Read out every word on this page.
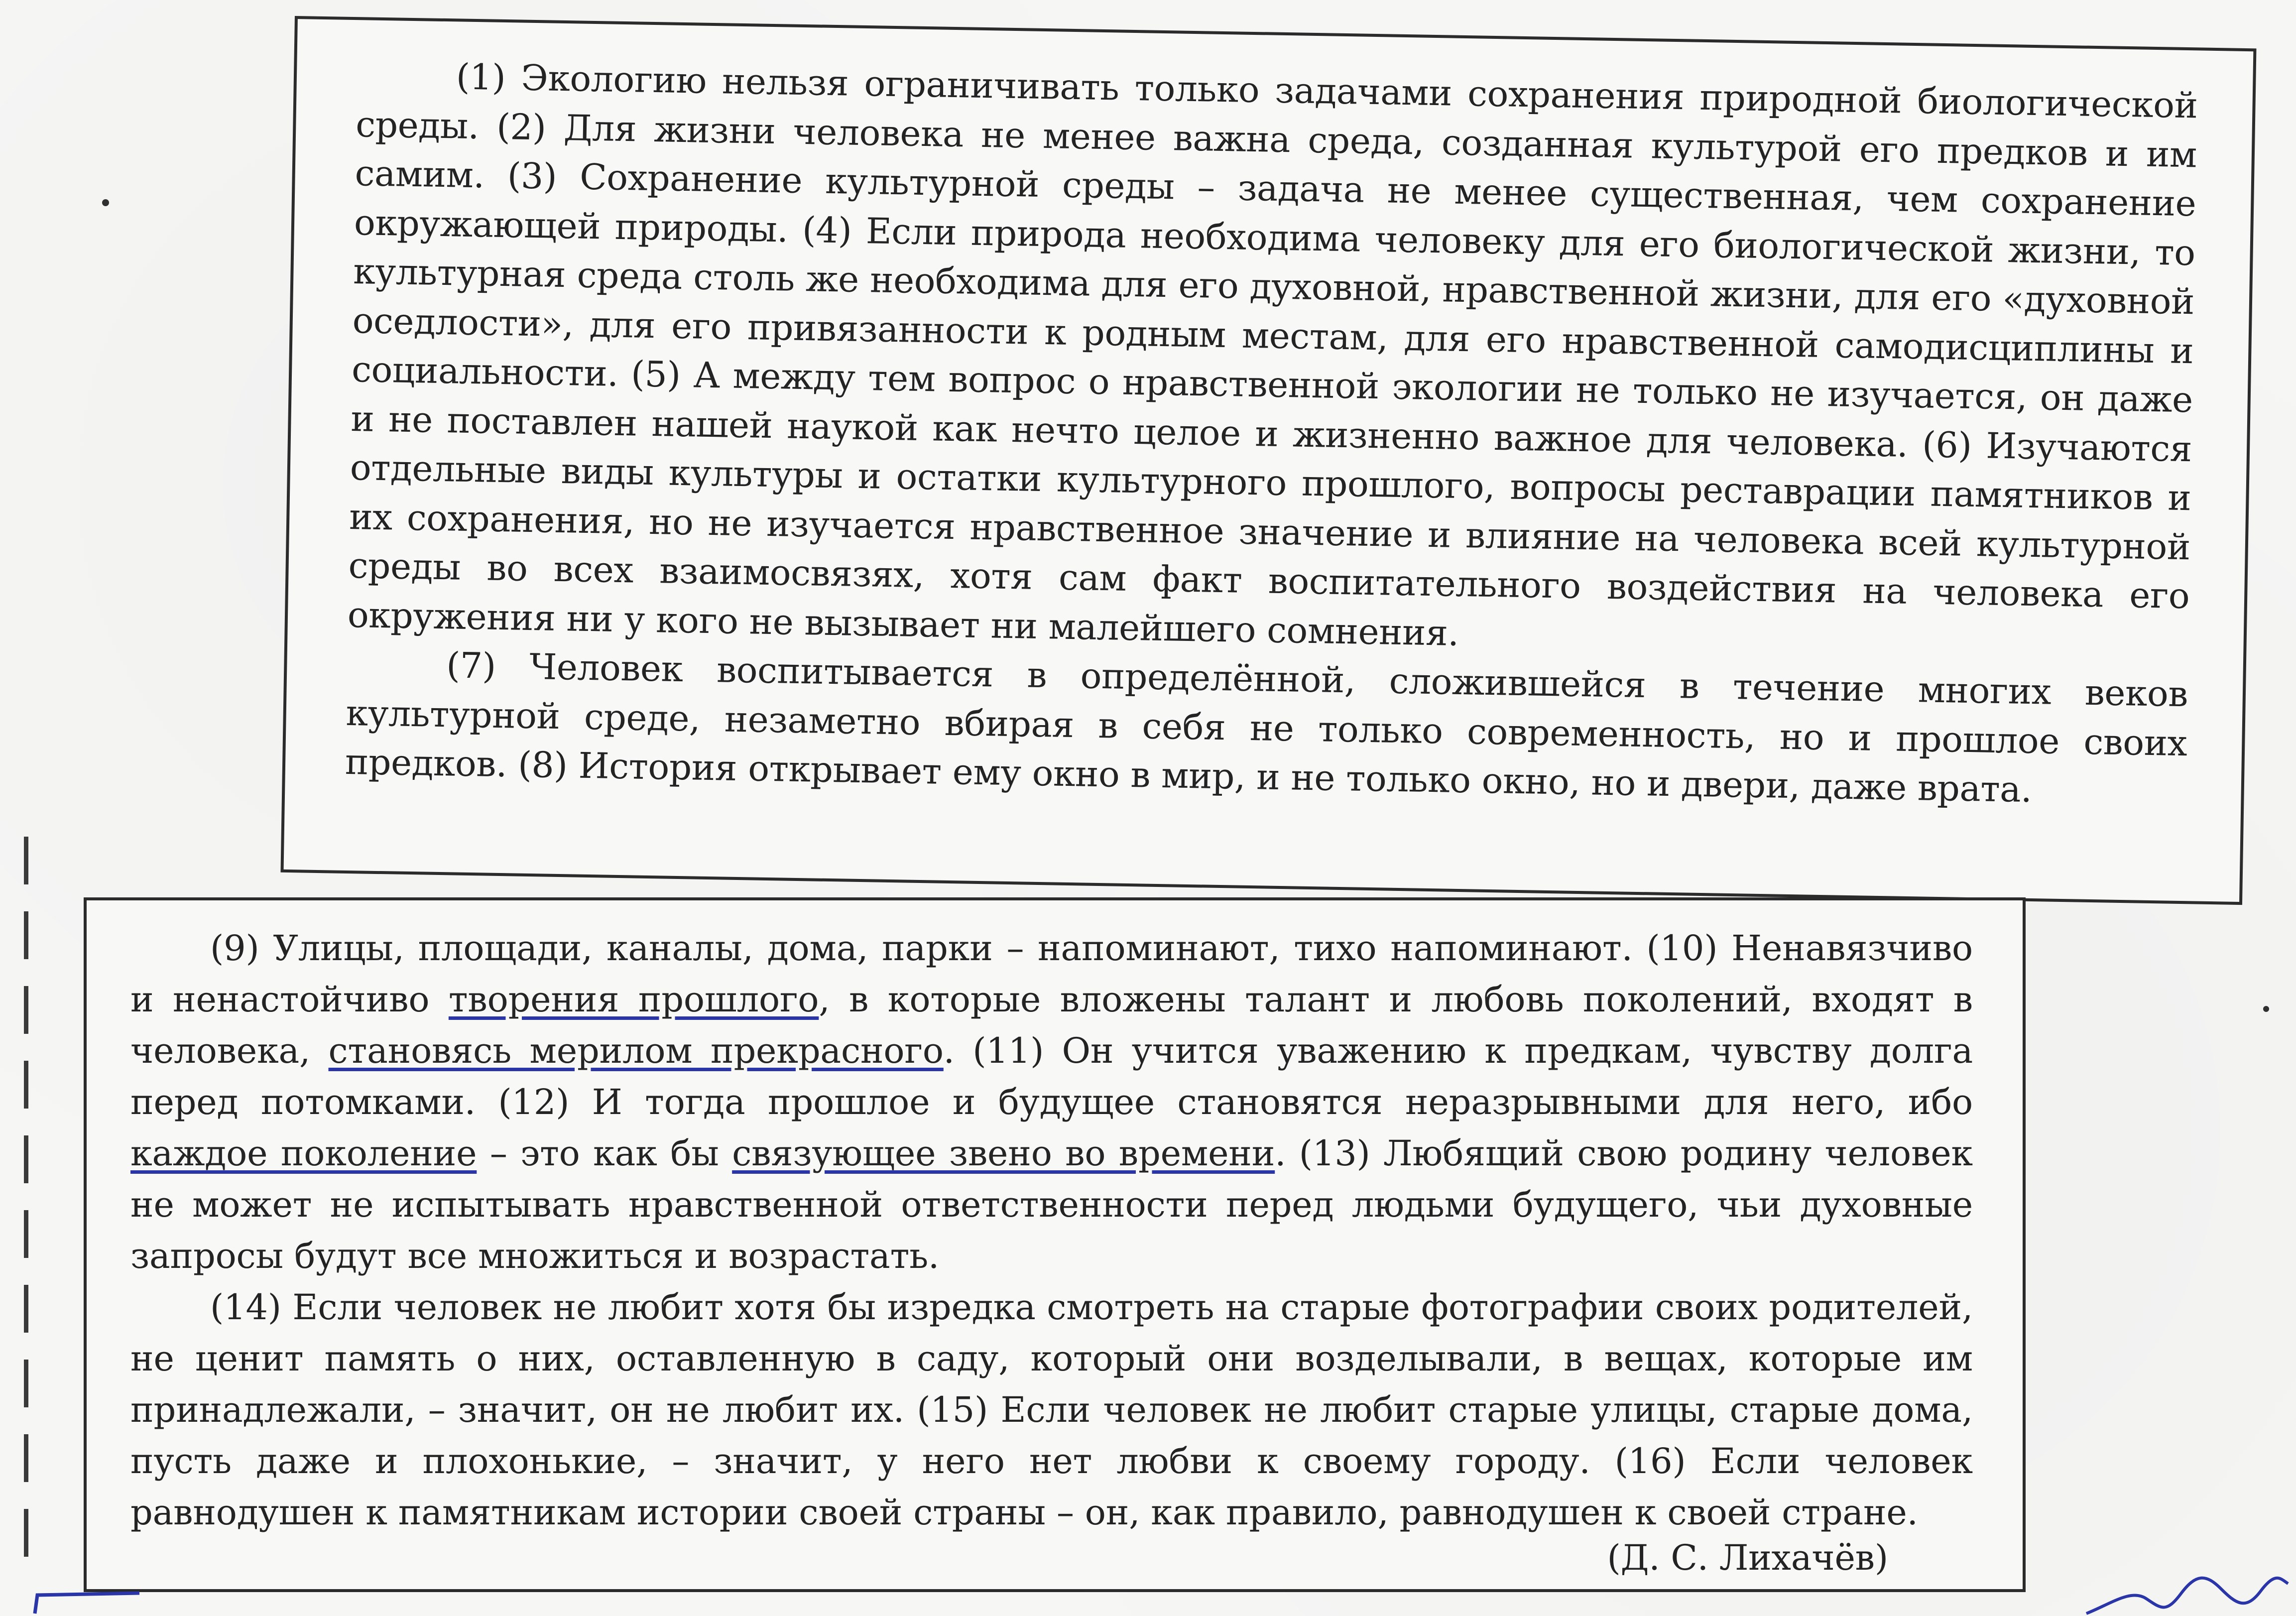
(1) Экологию нельзя ограничивать только задачами сохранения природной биологической среды. (2) Для жизни человека не менее важна среда, созданная культурой его предков и им самим. (3) Сохранение культурной среды – задача не менее существенная, чем сохранение окружающей природы. (4) Если природа необходима человеку для его биологической жизни, то культурная среда столь же необходима для его духовной, нравственной жизни, для его «духовной оседлости», для его привязанности к родным местам, для его нравственной самодисциплины и социальности. (5) А между тем вопрос о нравственной экологии не только не изучается, он даже и не поставлен нашей наукой как нечто целое и жизненно важное для человека. (6) Изучаются отдельные виды культуры и остатки культурного прошлого, вопросы реставрации памятников и их сохранения, но не изучается нравственное значение и влияние на человека всей культурной среды во всех взаимосвязях, хотя сам факт воспитательного воздействия на человека его окружения ни у кого не вызывает ни малейшего сомнения.

(7) Человек воспитывается в определённой, сложившейся в течение многих веков культурной среде, незаметно вбирая в себя не только современность, но и прошлое своих предков. (8) История открывает ему окно в мир, и не только окно, но и двери, даже врата.

(9) Улицы, площади, каналы, дома, парки – напоминают, тихо напоминают. (10) Ненавязчиво и ненастойчиво творения прошлого, в которые вложены талант и любовь поколений, входят в человека, становясь мерилом прекрасного. (11) Он учится уважению к предкам, чувству долга перед потомками. (12) И тогда прошлое и будущее становятся неразрывными для него, ибо каждое поколение – это как бы связующее звено во времени. (13) Любящий свою родину человек не может не испытывать нравственной ответственности перед людьми будущего, чьи духовные запросы будут все множиться и возрастать.

(14) Если человек не любит хотя бы изредка смотреть на старые фотографии своих родителей, не ценит память о них, оставленную в саду, который они возделывали, в вещах, которые им принадлежали, – значит, он не любит их. (15) Если человек не любит старые улицы, старые дома, пусть даже и плохонькие, – значит, у него нет любви к своему городу. (16) Если человек равнодушен к памятникам истории своей страны – он, как правило, равнодушен к своей стране.

(Д. С. Лихачёв)
